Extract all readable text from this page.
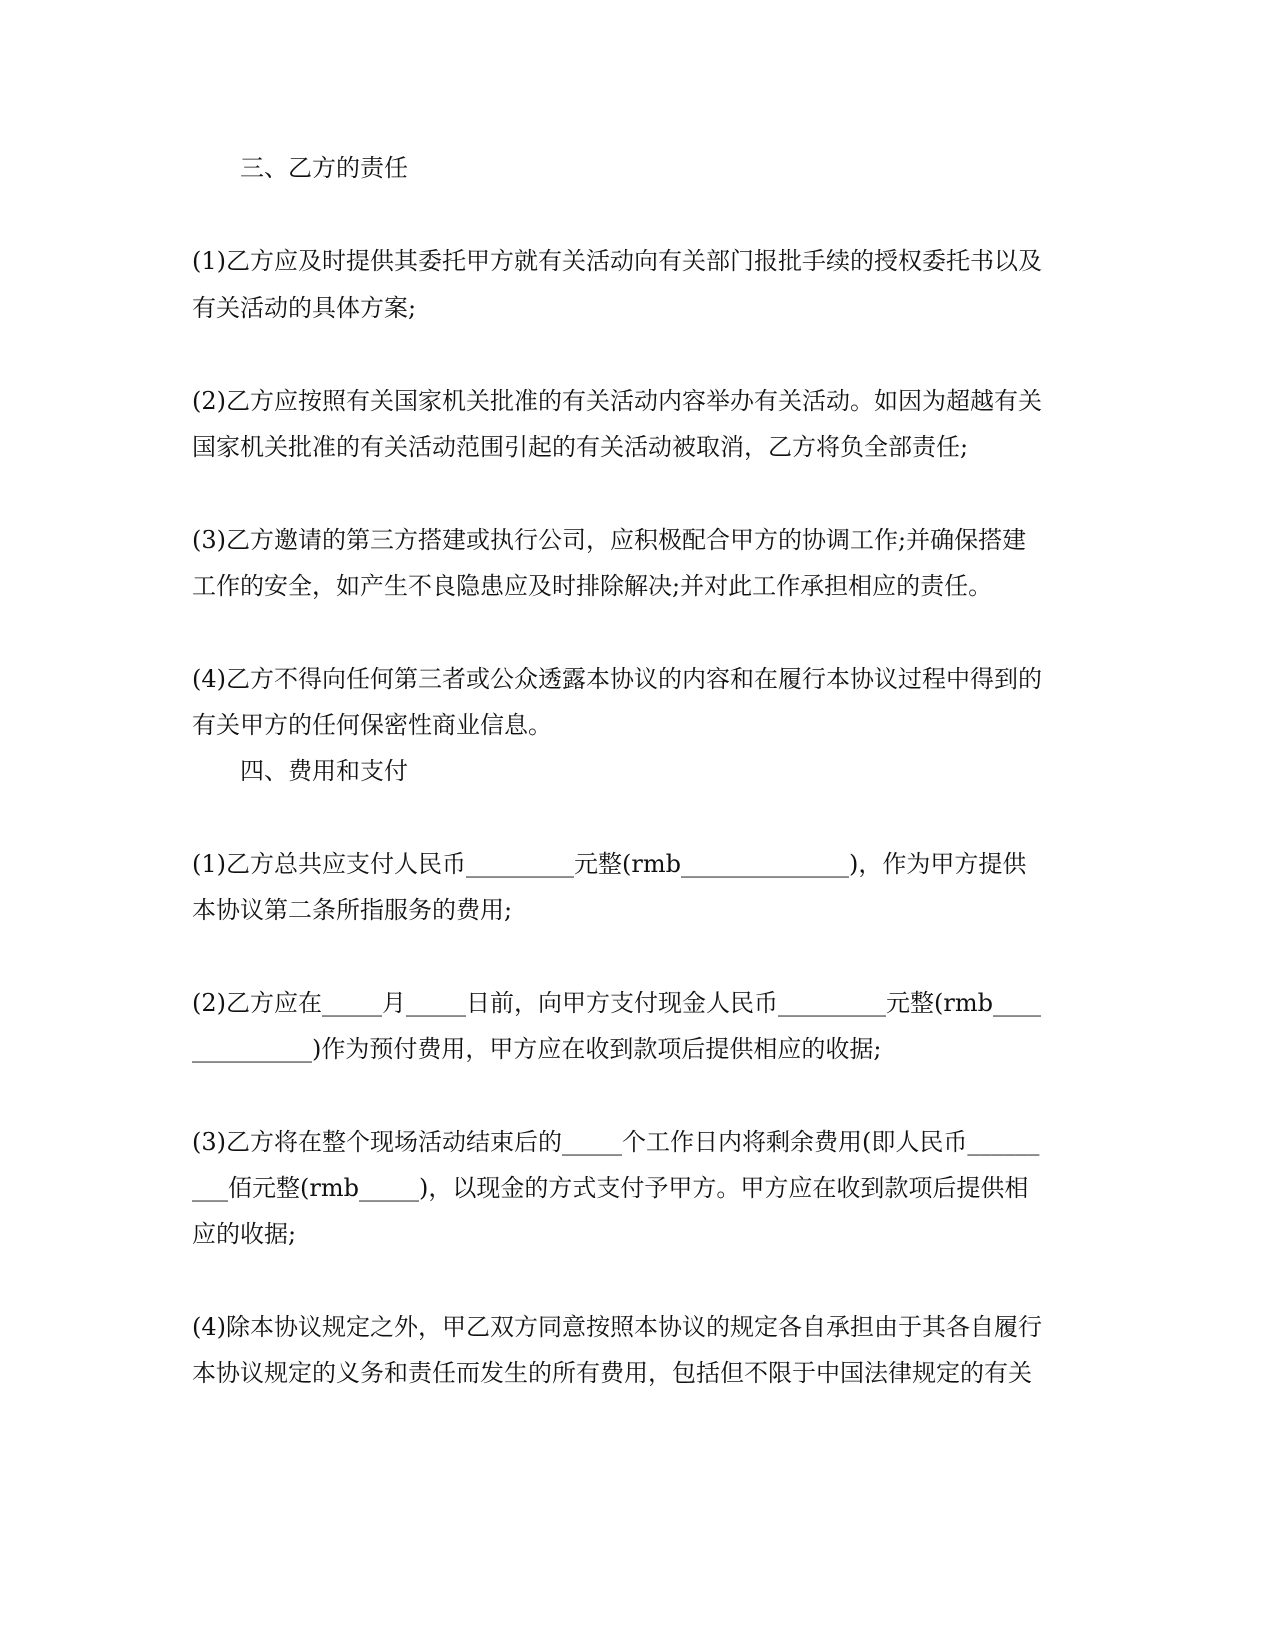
三、乙方的责任
(1)乙方应及时提供其委托甲方就有关活动向有关部门报批手续的授权委托书以及
有关活动的具体方案;
(2)乙方应按照有关国家机关批准的有关活动内容举办有关活动。如因为超越有关
国家机关批准的有关活动范围引起的有关活动被取消，乙方将负全部责任;
(3)乙方邀请的第三方搭建或执行公司，应积极配合甲方的协调工作;并确保搭建
工作的安全，如产生不良隐患应及时排除解决;并对此工作承担相应的责任。
(4)乙方不得向任何第三者或公众透露本协议的内容和在履行本协议过程中得到的
有关甲方的任何保密性商业信息。
四、费用和支付
(1)乙方总共应支付人民币_________元整(rmb______________)，作为甲方提供
本协议第二条所指服务的费用;
(2)乙方应在_____月_____日前，向甲方支付现金人民币_________元整(rmb____
__________)作为预付费用，甲方应在收到款项后提供相应的收据;
(3)乙方将在整个现场活动结束后的_____个工作日内将剩余费用(即人民币______
___佰元整(rmb_____)，以现金的方式支付予甲方。甲方应在收到款项后提供相
应的收据;
(4)除本协议规定之外，甲乙双方同意按照本协议的规定各自承担由于其各自履行
本协议规定的义务和责任而发生的所有费用，包括但不限于中国法律规定的有关
